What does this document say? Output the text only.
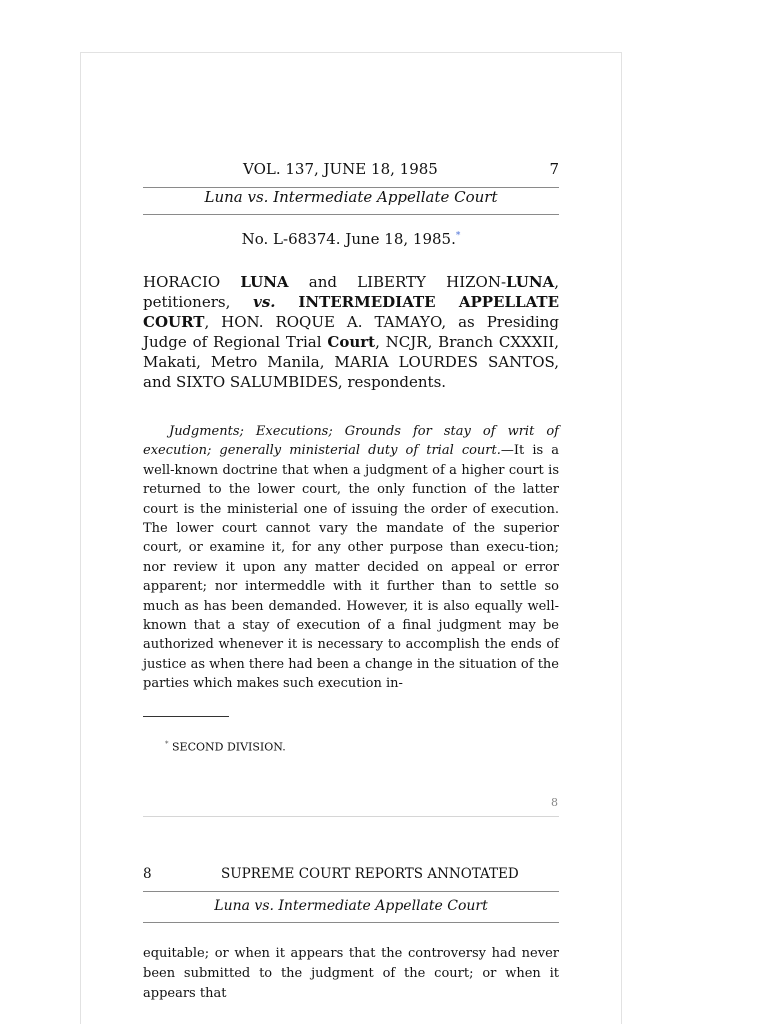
VOL. 137, JUNE 18, 1985	7
Luna vs. Intermediate Appellate Court
No. L-68374. June 18, 1985.*
HORACIO LUNA and LIBERTY HIZON-LUNA, petitioners, vs. INTERMEDIATE APPELLATE COURT, HON. ROQUE A. TAMAYO, as Presiding Judge of Regional Trial Court, NCJR, Branch CXXXII, Makati, Metro Manila, MARIA LOURDES SANTOS, and SIXTO SALUMBIDES, respondents.
Judgments; Executions; Grounds for stay of writ of execution; generally ministerial duty of trial court.—It is a well-known doctrine that when a judgment of a higher court is returned to the lower court, the only function of the latter court is the ministerial one of issuing the order of execution. The lower court cannot vary the mandate of the superior court, or examine it, for any other purpose than execu-tion; nor review it upon any matter decided on appeal or error apparent; nor intermeddle with it further than to settle so much as has been demanded. However, it is also equally well-known that a stay of execution of a final judgment may be authorized whenever it is necessary to accomplish the ends of justice as when there had been a change in the situation of the parties which makes such execution in-
* SECOND DIVISION.
8
8	SUPREME COURT REPORTS ANNOTATED
Luna vs. Intermediate Appellate Court
equitable; or when it appears that the controversy had never been submitted to the judgment of the court; or when it appears that
